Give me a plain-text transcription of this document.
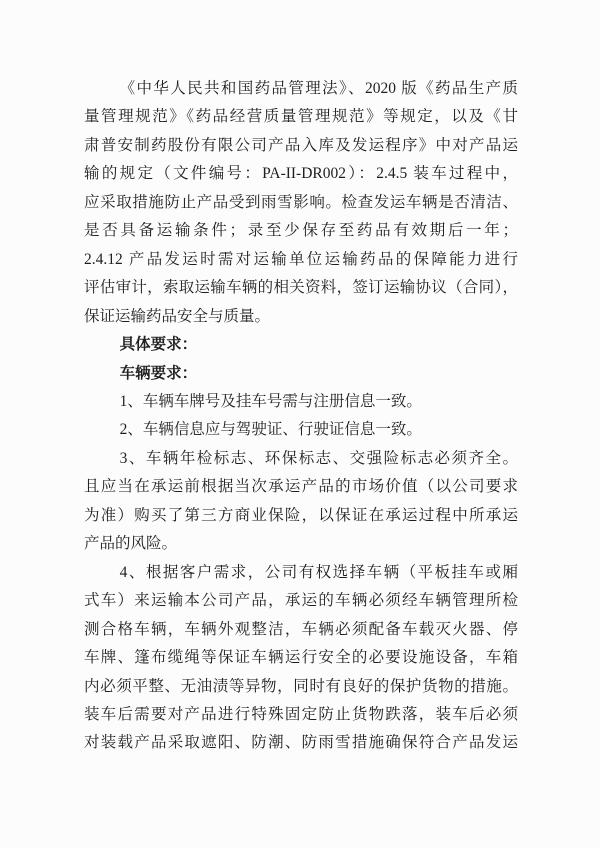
《中华人民共和国药品管理法》、2020 版《药品生产质
量管理规范》《药品经营质量管理规范》等规定，以及《甘
肃普安制药股份有限公司产品入库及发运程序》中对产品运
输的规定（文件编号：PA-II-DR002）：2.4.5 装车过程中，
应采取措施防止产品受到雨雪影响。检查发运车辆是否清洁、
是否具备运输条件；录至少保存至药品有效期后一年；
2.4.12 产品发运时需对运输单位运输药品的保障能力进行
评估审计，索取运输车辆的相关资料，签订运输协议（合同），
保证运输药品安全与质量。
具体要求：
车辆要求：
1、车辆车牌号及挂车号需与注册信息一致。
2、车辆信息应与驾驶证、行驶证信息一致。
3、车辆年检标志、环保标志、交强险标志必须齐全。
且应当在承运前根据当次承运产品的市场价值（以公司要求
为准）购买了第三方商业保险，以保证在承运过程中所承运
产品的风险。
4、根据客户需求，公司有权选择车辆（平板挂车或厢
式车）来运输本公司产品，承运的车辆必须经车辆管理所检
测合格车辆，车辆外观整洁，车辆必须配备车载灭火器、停
车牌、篷布缆绳等保证车辆运行安全的必要设施设备，车箱
内必须平整、无油渍等异物，同时有良好的保护货物的措施。
装车后需要对产品进行特殊固定防止货物跌落，装车后必须
对装载产品采取遮阳、防潮、防雨雪措施确保符合产品发运
